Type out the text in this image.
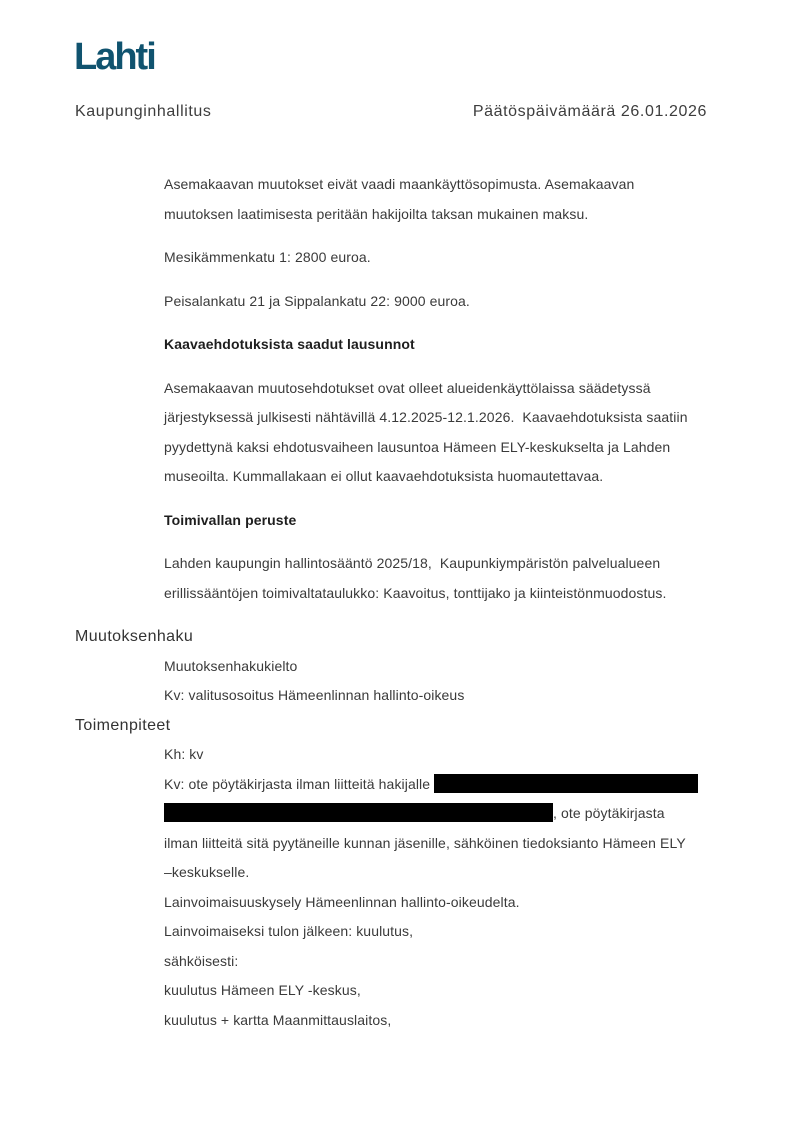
Lahti
Kaupunginhallitus	Päätöspäivämäärä 26.01.2026
Asemakaavan muutokset eivät vaadi maankäyttösopimusta. Asemakaavan
muutoksen laatimisesta peritään hakijoilta taksan mukainen maksu.
Mesikämmenkatu 1: 2800 euroa.
Peisalankatu 21 ja Sippalankatu 22: 9000 euroa.
Kaavaehdotuksista saadut lausunnot
Asemakaavan muutosehdotukset ovat olleet alueidenkäyttölaissa säädetyssä
järjestyksessä julkisesti nähtävillä 4.12.2025-12.1.2026.  Kaavaehdotuksista saatiin
pyydettynä kaksi ehdotusvaiheen lausuntoa Hämeen ELY-keskukselta ja Lahden
museoilta. Kummallakaan ei ollut kaavaehdotuksista huomautettavaa.
Toimivallan peruste
Lahden kaupungin hallintosääntö 2025/18,  Kaupunkiympäristön palvelualueen
erillissääntöjen toimivaltataulukko: Kaavoitus, tonttijako ja kiinteistönmuodostus.
Muutoksenhaku
Muutoksenhakukielto
Kv: valitusosoitus Hämeenlinnan hallinto-oikeus
Toimenpiteet
Kh: kv
Kv: ote pöytäkirjasta ilman liitteitä hakijalle
, ote pöytäkirjasta
ilman liitteitä sitä pyytäneille kunnan jäsenille, sähköinen tiedoksianto Hämeen ELY
–keskukselle.
Lainvoimaisuuskysely Hämeenlinnan hallinto-oikeudelta.
Lainvoimaiseksi tulon jälkeen: kuulutus,
sähköisesti:
kuulutus Hämeen ELY -keskus,
kuulutus + kartta Maanmittauslaitos,
